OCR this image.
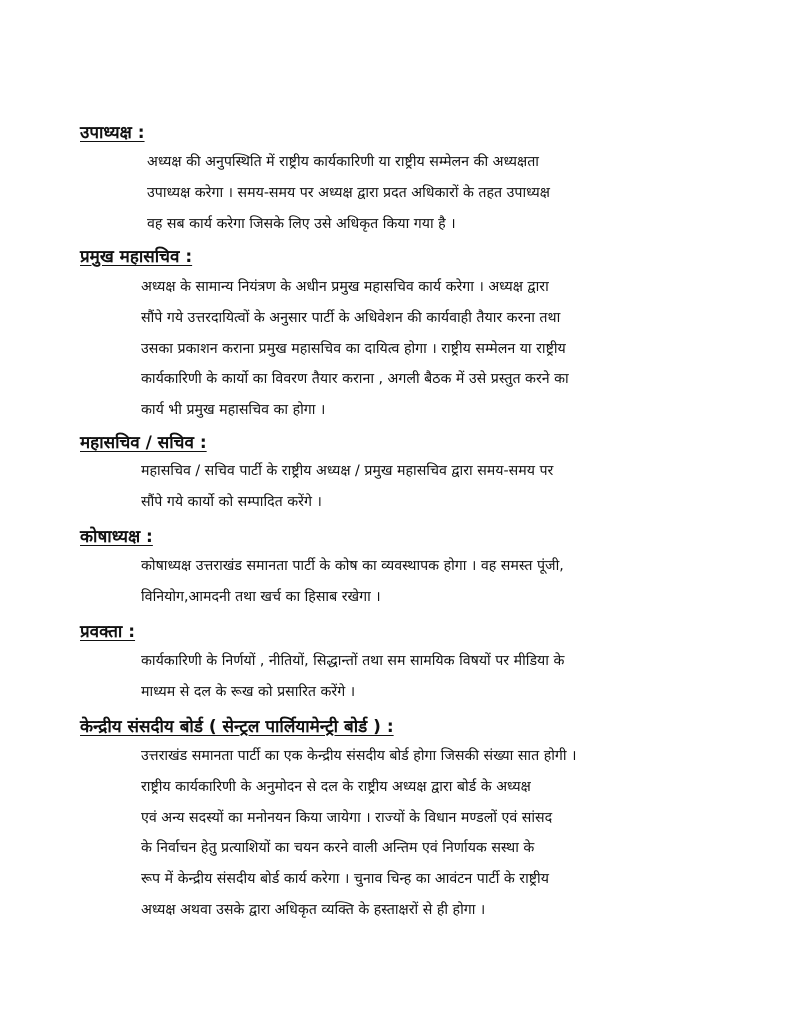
उपाध्यक्ष :
अध्यक्ष की अनुपस्थिति में राष्ट्रीय कार्यकारिणी या राष्ट्रीय सम्मेलन की अध्यक्षता
उपाध्यक्ष करेगा । समय-समय पर अध्यक्ष द्वारा प्रदत अधिकारों के तहत उपाध्यक्ष
वह सब कार्य करेगा जिसके लिए उसे अधिकृत किया गया है ।
प्रमुख महासचिव :
अध्यक्ष के सामान्य नियंत्रण के अधीन प्रमुख महासचिव कार्य करेगा । अध्यक्ष द्वारा
सौंपे गये उत्तरदायित्वों के अनुसार पार्टी के अधिवेशन की कार्यवाही तैयार करना तथा
उसका प्रकाशन कराना प्रमुख महासचिव का दायित्व होगा । राष्ट्रीय सम्मेलन या राष्ट्रीय
कार्यकारिणी के कार्यो का विवरण तैयार कराना , अगली बैठक में उसे प्रस्तुत करने का
कार्य भी प्रमुख महासचिव का होगा ।
महासचिव / सचिव :
महासचिव / सचिव पार्टी के राष्ट्रीय अध्यक्ष / प्रमुख महासचिव द्वारा समय-समय पर
सौंपे गये कार्यो को सम्पादित करेंगे ।
कोषाध्यक्ष :
कोषाध्यक्ष उत्तराखंड समानता पार्टी के कोष का व्यवस्थापक होगा । वह समस्त पूंजी,
विनियोग,आमदनी तथा खर्च का हिसाब रखेगा ।
प्रवक्ता :
कार्यकारिणी के निर्णयों , नीतियों, सिद्धान्तों तथा सम सामयिक विषयों पर मीडिया के
माध्यम से दल के रूख को प्रसारित करेंगे ।
केन्द्रीय संसदीय बोर्ड ( सेन्ट्रल पार्लियामेन्ट्री बोर्ड ) :
उत्तराखंड समानता पार्टी का एक केन्द्रीय संसदीय बोर्ड होगा जिसकी संख्या सात होगी ।
राष्ट्रीय कार्यकारिणी के अनुमोदन से दल के राष्ट्रीय अध्यक्ष द्वारा बोर्ड के अध्यक्ष
एवं अन्य सदस्यों का मनोनयन किया जायेगा । राज्यों के विधान मण्डलों एवं सांसद
के निर्वाचन हेतु प्रत्याशियों का चयन करने वाली अन्तिम एवं निर्णायक सस्था के
रूप में केन्द्रीय संसदीय बोर्ड कार्य करेगा । चुनाव चिन्ह का आवंटन पार्टी के राष्ट्रीय
अध्यक्ष अथवा उसके द्वारा अधिकृत व्यक्ति के हस्ताक्षरों से ही होगा ।
